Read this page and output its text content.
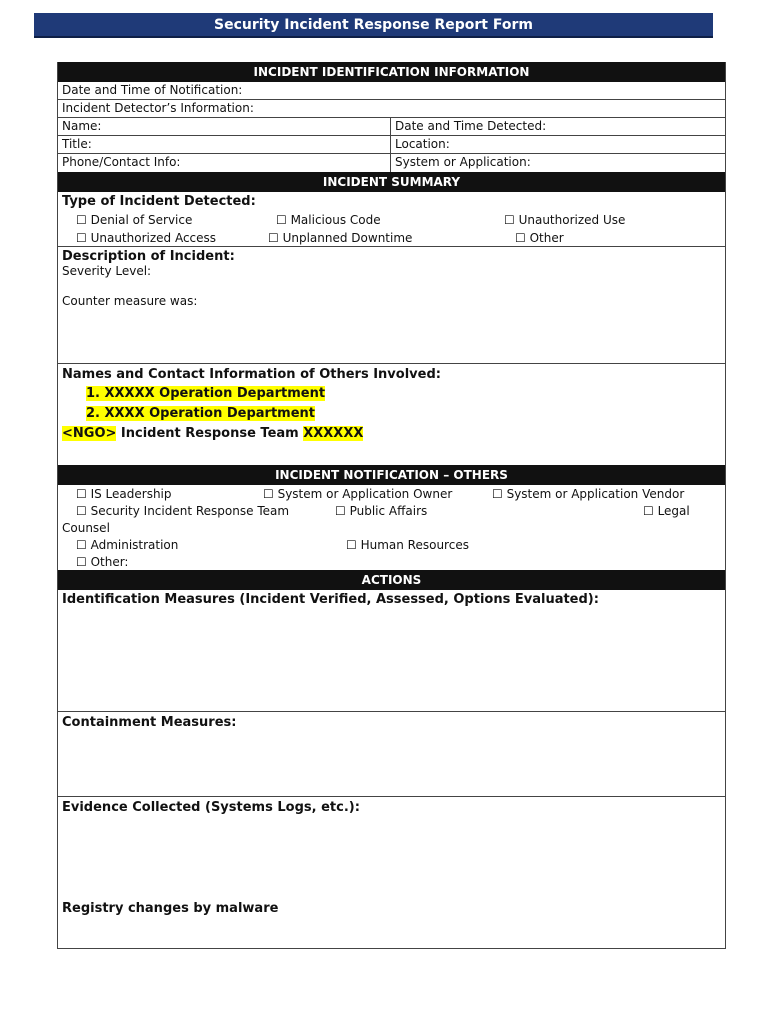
Security Incident Response Report Form
INCIDENT IDENTIFICATION INFORMATION
Date and Time of Notification:
Incident Detector’s Information:
Name:	Date and Time Detected:
Title:	Location:
Phone/Contact Info:	System or Application:
INCIDENT SUMMARY
Type of Incident Detected:
☐ Denial of Service	☐ Malicious Code	☐ Unauthorized Use
☐ Unauthorized Access	☐ Unplanned Downtime	☐ Other
Description of Incident:
Severity Level:
Counter measure was:
Names and Contact Information of Others Involved:
1. XXXXX Operation Department
2. XXXX Operation Department
<NGO> Incident Response Team XXXXXX
INCIDENT NOTIFICATION – OTHERS
☐ IS Leadership	☐ System or Application Owner	☐ System or Application Vendor
☐ Security Incident Response Team	☐ Public Affairs	☐ Legal
Counsel
☐ Administration	☐ Human Resources
☐ Other:
ACTIONS
Identification Measures (Incident Verified, Assessed, Options Evaluated):
Containment Measures:
Evidence Collected (Systems Logs, etc.):
Registry changes by malware
